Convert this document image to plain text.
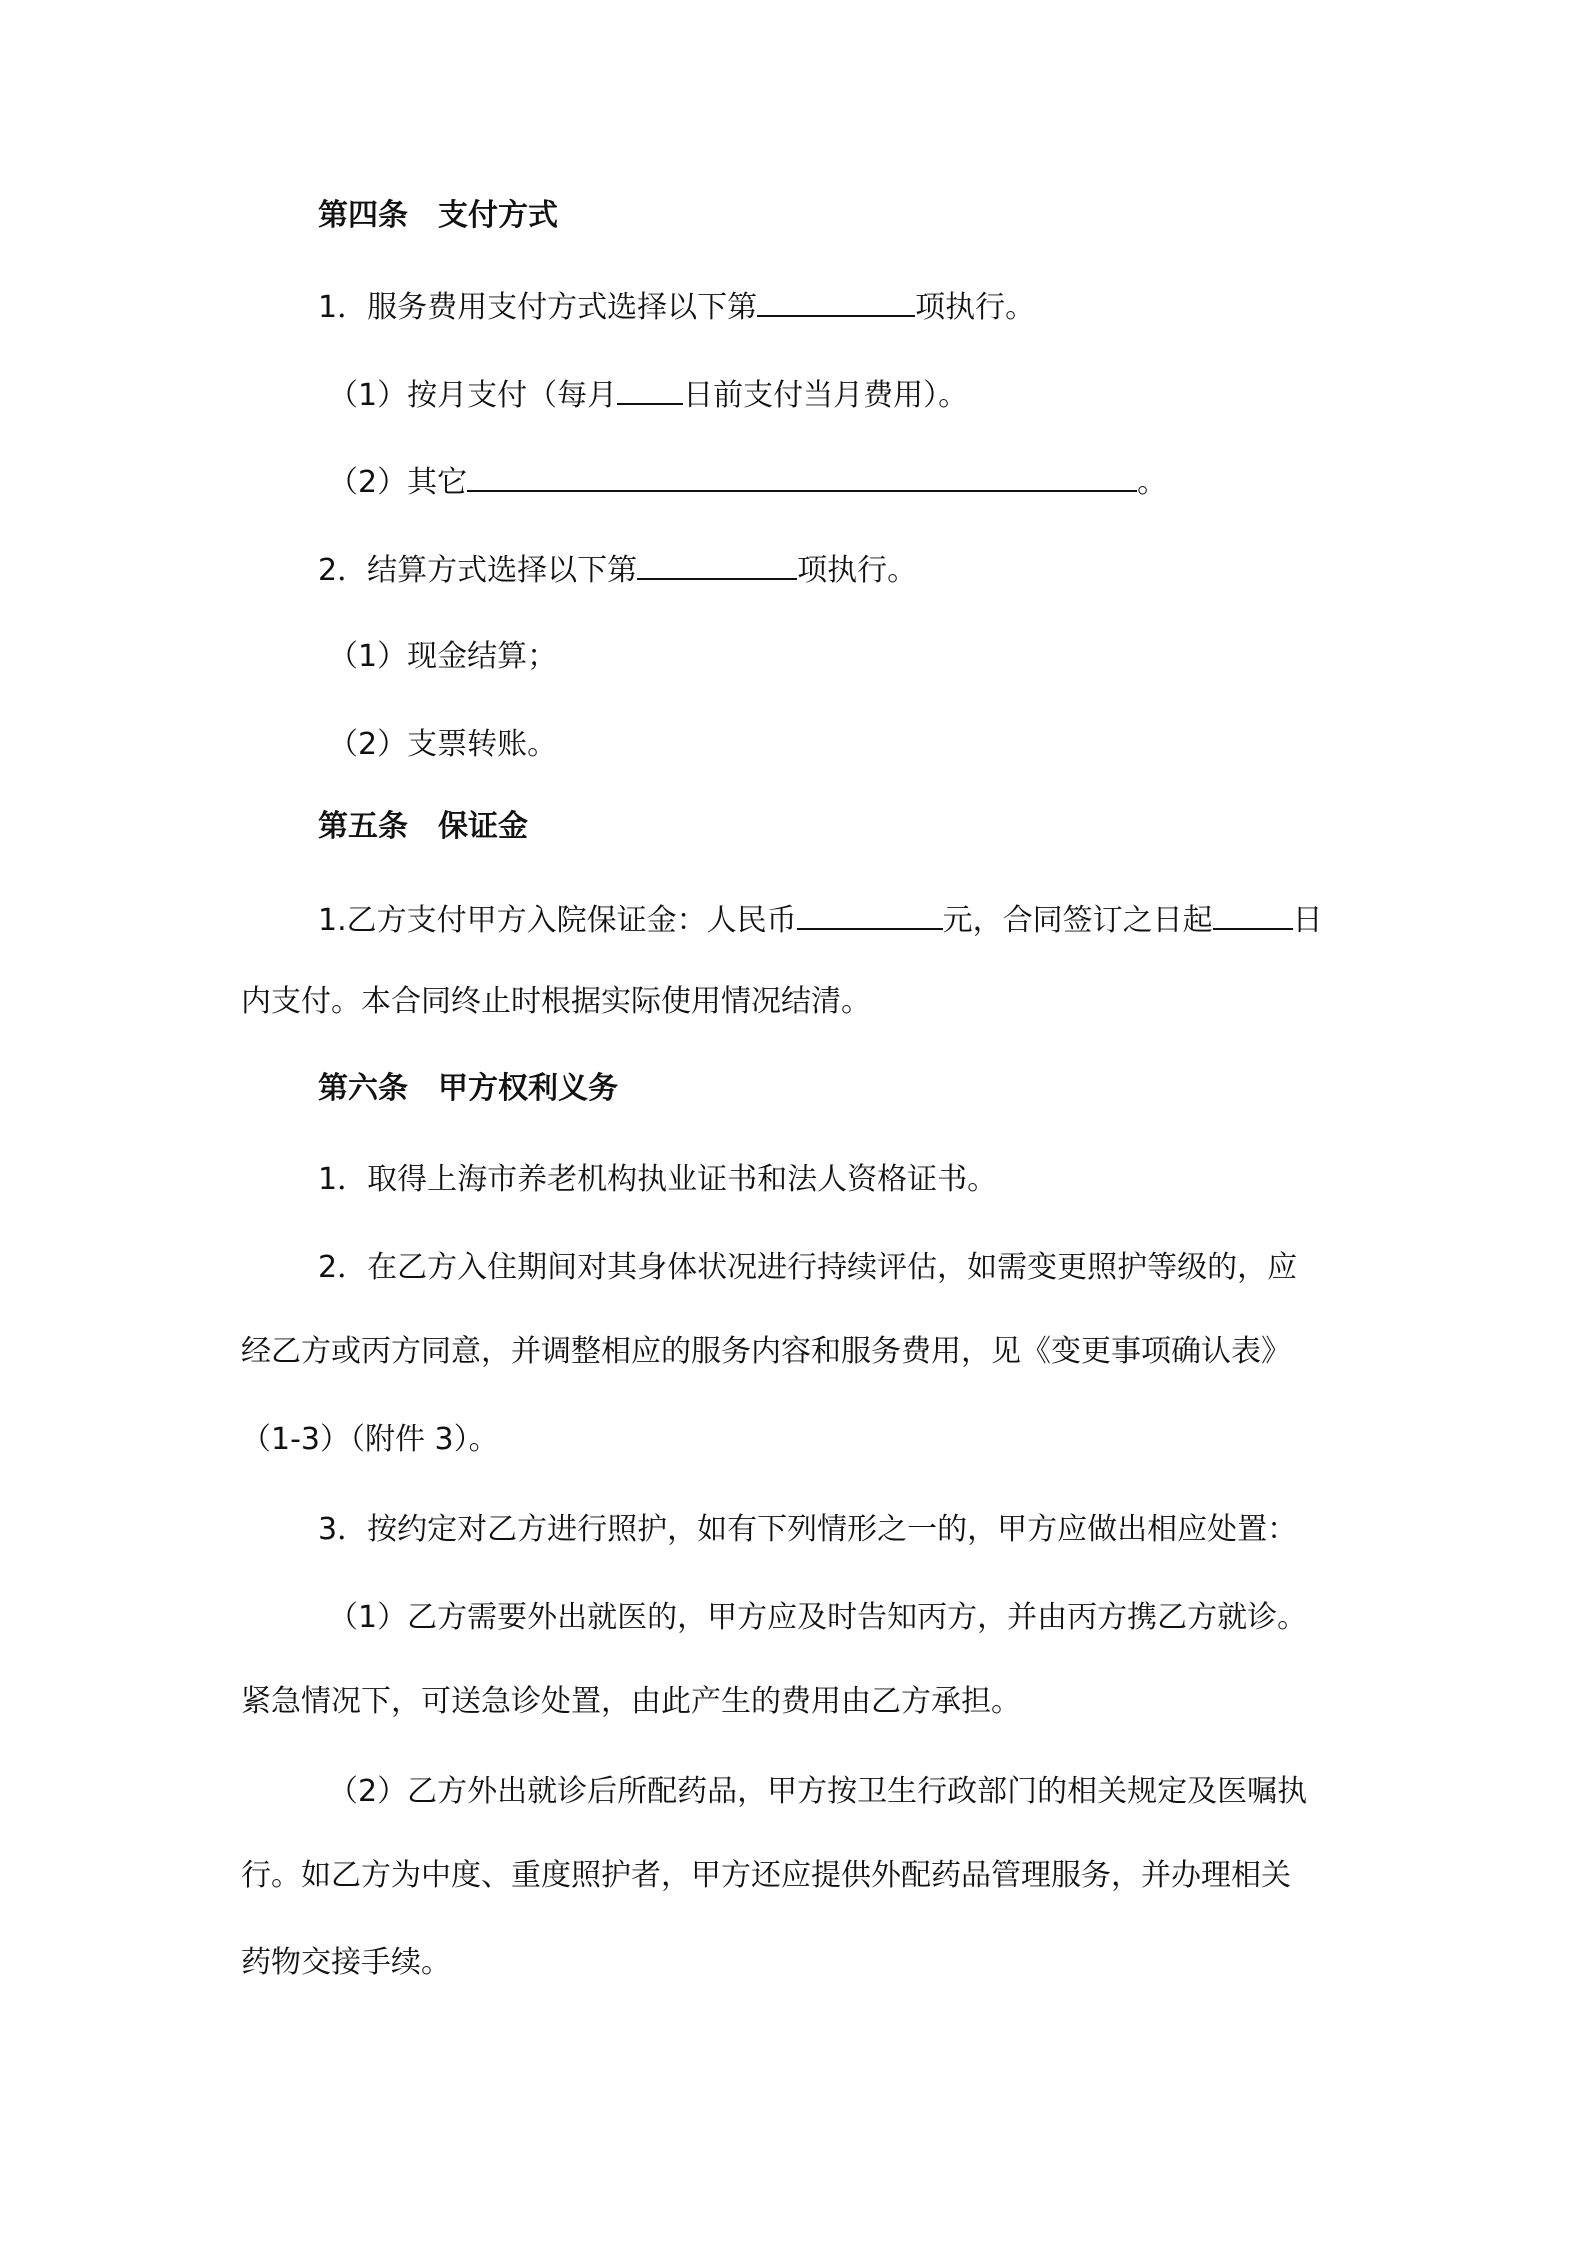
第四条　支付方式
1．服务费用支付方式选择以下第	项执行。
（1）按月支付（每月 日前支付当月费用）。
（2）其它	。
2．结算方式选择以下第	项执行。
（1）现金结算；
（2）支票转账。
第五条　保证金
1.乙方支付甲方入院保证金：人民币	元，合同签订之日起	日
内支付。本合同终止时根据实际使用情况结清。
第六条　甲方权利义务
1．取得上海市养老机构执业证书和法人资格证书。
2．在乙方入住期间对其身体状况进行持续评估，如需变更照护等级的，应
经乙方或丙方同意，并调整相应的服务内容和服务费用，见《变更事项确认表》
（1-3）（附件 3）。
3．按约定对乙方进行照护，如有下列情形之一的，甲方应做出相应处置：
（1）乙方需要外出就医的，甲方应及时告知丙方，并由丙方携乙方就诊。
紧急情况下，可送急诊处置，由此产生的费用由乙方承担。
（2）乙方外出就诊后所配药品，甲方按卫生行政部门的相关规定及医嘱执
行。如乙方为中度、重度照护者，甲方还应提供外配药品管理服务，并办理相关
药物交接手续。
